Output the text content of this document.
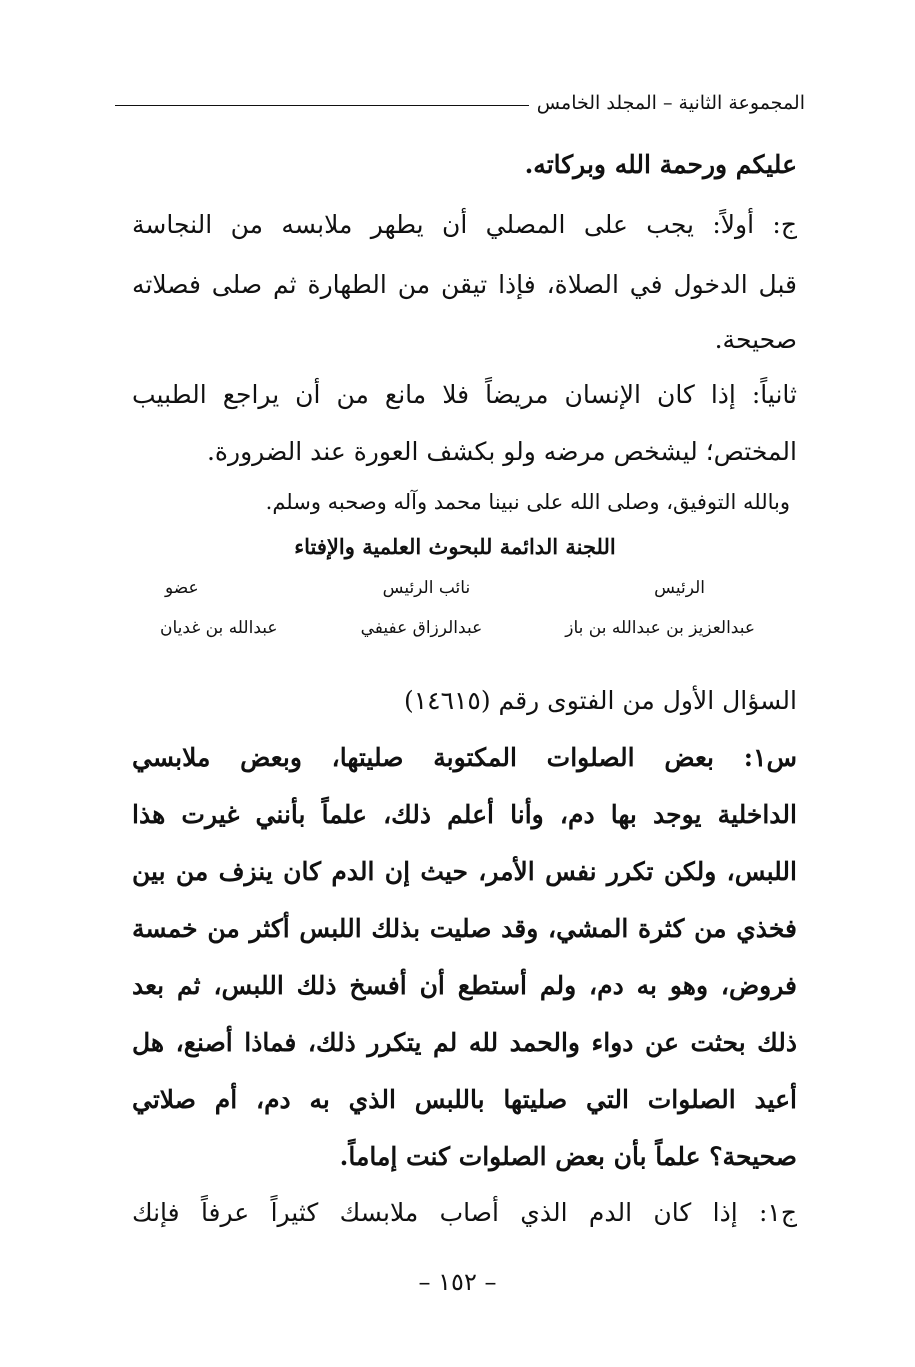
المجموعة الثانية – المجلد الخامس
عليكم ورحمة الله وبركاته.
ج: أولاً: يجب على المصلي أن يطهر ملابسه من النجاسة
قبل الدخول في الصلاة، فإذا تيقن من الطهارة ثم صلى فصلاته
صحيحة.
ثانياً: إذا كان الإنسان مريضاً فلا مانع من أن يراجع الطبيب
المختص؛ ليشخص مرضه ولو بكشف العورة عند الضرورة.
وبالله التوفيق، وصلى الله على نبينا محمد وآله وصحبه وسلم.
اللجنة الدائمة للبحوث العلمية والإفتاء
الرئيس
نائب الرئيس
عضو
عبدالعزيز بن عبدالله بن باز
عبدالرزاق عفيفي
عبدالله بن غديان
السؤال الأول من الفتوى رقم (١٤٦١٥)
س١: بعض الصلوات المكتوبة صليتها، وبعض ملابسي
الداخلية يوجد بها دم، وأنا أعلم ذلك، علماً بأنني غيرت هذا
اللبس، ولكن تكرر نفس الأمر، حيث إن الدم كان ينزف من بين
فخذي من كثرة المشي، وقد صليت بذلك اللبس أكثر من خمسة
فروض، وهو به دم، ولم أستطع أن أفسخ ذلك اللبس، ثم بعد
ذلك بحثت عن دواء والحمد لله لم يتكرر ذلك، فماذا أصنع، هل
أعيد الصلوات التي صليتها باللبس الذي به دم، أم صلاتي
صحيحة؟ علماً بأن بعض الصلوات كنت إماماً.
ج١: إذا كان الدم الذي أصاب ملابسك كثيراً عرفاً فإنك
– ١٥٢ –
